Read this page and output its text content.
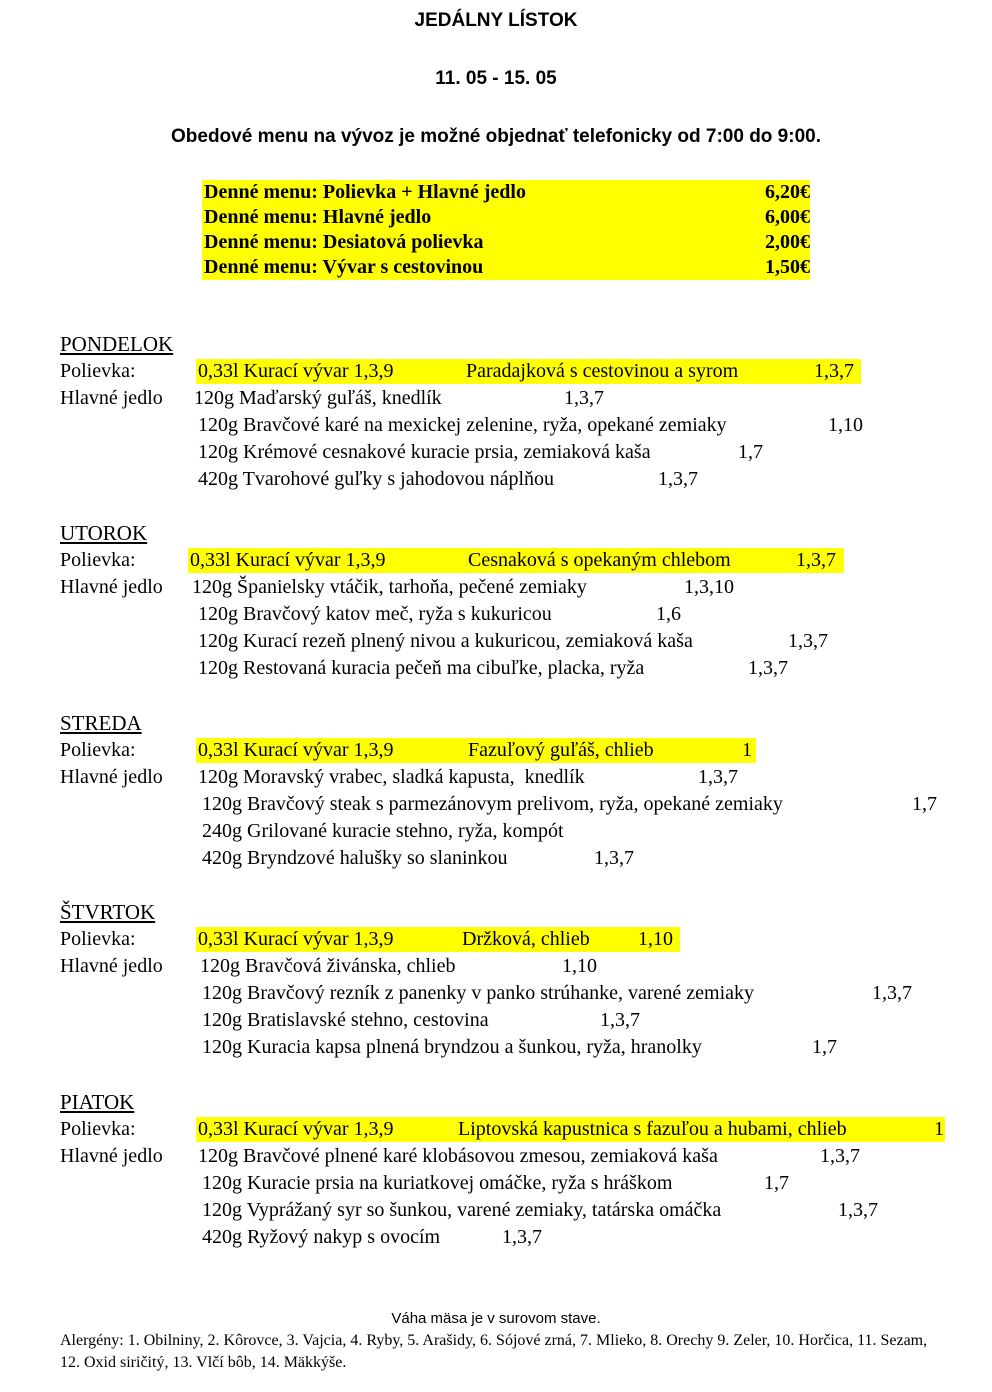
JEDÁLNY LÍSTOK
11. 05 - 15. 05
Obedové menu na vývoz je možné objednať telefonicky od 7:00 do 9:00.
Denné menu: Polievka + Hlavné jedlo	6,20€
Denné menu: Hlavné jedlo	6,00€
Denné menu: Desiatová polievka	2,00€
Denné menu: Vývar s cestovinou	1,50€
PONDELOK
Polievka:	0,33l Kurací vývar 1,3,9	Paradajková s cestovinou a syrom	1,3,7
Hlavné jedlo 120g Maďarský guľáš, knedlík	1,3,7
120g Bravčové karé na mexickej zelenine, ryža, opekané zemiaky	1,10
120g Krémové cesnakové kuracie prsia, zemiaková kaša	1,7
420g Tvarohové guľky s jahodovou náplňou	1,3,7
UTOROK
Polievka:	0,33l Kurací vývar 1,3,9	Cesnaková s opekaným chlebom	1,3,7
Hlavné jedlo 120g Španielsky vtáčik, tarhoňa, pečené zemiaky	1,3,10
120g Bravčový katov meč, ryža s kukuricou	1,6
120g Kurací rezeň plnený nivou a kukuricou, zemiaková kaša	1,3,7
120g Restovaná kuracia pečeň ma cibuľke, placka, ryža	1,3,7
STREDA
Polievka:	0,33l Kurací vývar 1,3,9	Fazuľový guľáš, chlieb	1
Hlavné jedlo 120g Moravský vrabec, sladká kapusta,  knedlík	1,3,7
120g Bravčový steak s parmezánovym prelivom, ryža, opekané zemiaky	1,7
240g Grilované kuracie stehno, ryža, kompót
420g Bryndzové halušky so slaninkou	1,3,7
ŠTVRTOK
Polievka:	0,33l Kurací vývar 1,3,9	Držková, chlieb 1,10
Hlavné jedlo 120g Bravčová živánska, chlieb	1,10
120g Bravčový rezník z panenky v panko strúhanke, varené zemiaky	1,3,7
120g Bratislavské stehno, cestovina	1,3,7
120g Kuracia kapsa plnená bryndzou a šunkou, ryža, hranolky	1,7
PIATOK
Polievka:	0,33l Kurací vývar 1,3,9	Liptovská kapustnica s fazuľou a hubami, chlieb	1
Hlavné jedlo 120g Bravčové plnené karé klobásovou zmesou, zemiaková kaša	1,3,7
120g Kuracie prsia na kuriatkovej omáčke, ryža s hráškom	1,7
120g Vyprážaný syr so šunkou, varené zemiaky, tatárska omáčka	1,3,7
420g Ryžový nakyp s ovocím	1,3,7
Váha mäsa je v surovom stave.
Alergény: 1. Obilniny, 2. Kôrovce, 3. Vajcia, 4. Ryby, 5. Arašidy, 6. Sójové zrná, 7. Mlieko, 8. Orechy 9. Zeler, 10. Horčica, 11. Sezam, 12. Oxid siričitý, 13. Vlčí bôb, 14. Mäkkýše.
